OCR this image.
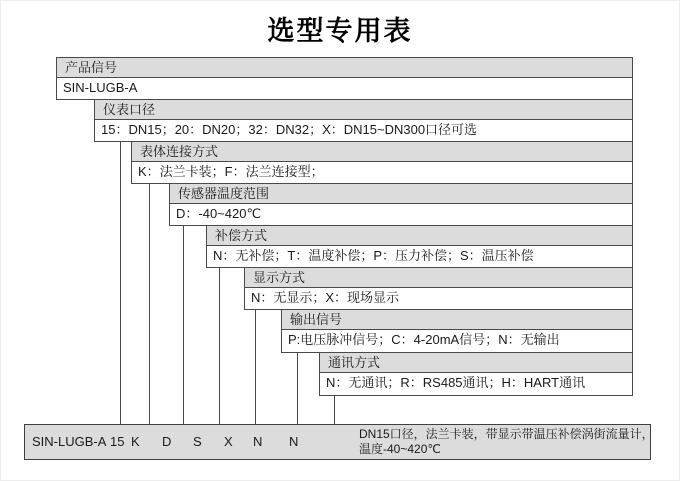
选型专用表
产品信号
SIN-LUGB-A
仪表口径
15：DN15；20：DN20；32：DN32；X：DN15~DN300口径可选
表体连接方式
K：法兰卡装；F：法兰连接型；
传感器温度范围
D：-40~420℃
补偿方式
N：无补偿；T：温度补偿；P：压力补偿；S：温压补偿
显示方式
N：无显示；X：现场显示
输出信号
P:电压脉冲信号；C：4-20mA信号；N：无输出
通讯方式
N：无通讯；R：RS485通讯；H：HART通讯
SIN-LUGB-A 15 K D S X N N	DN15口径，法兰卡装，带显示带温压补偿涡街流量计，
温度-40~420℃
